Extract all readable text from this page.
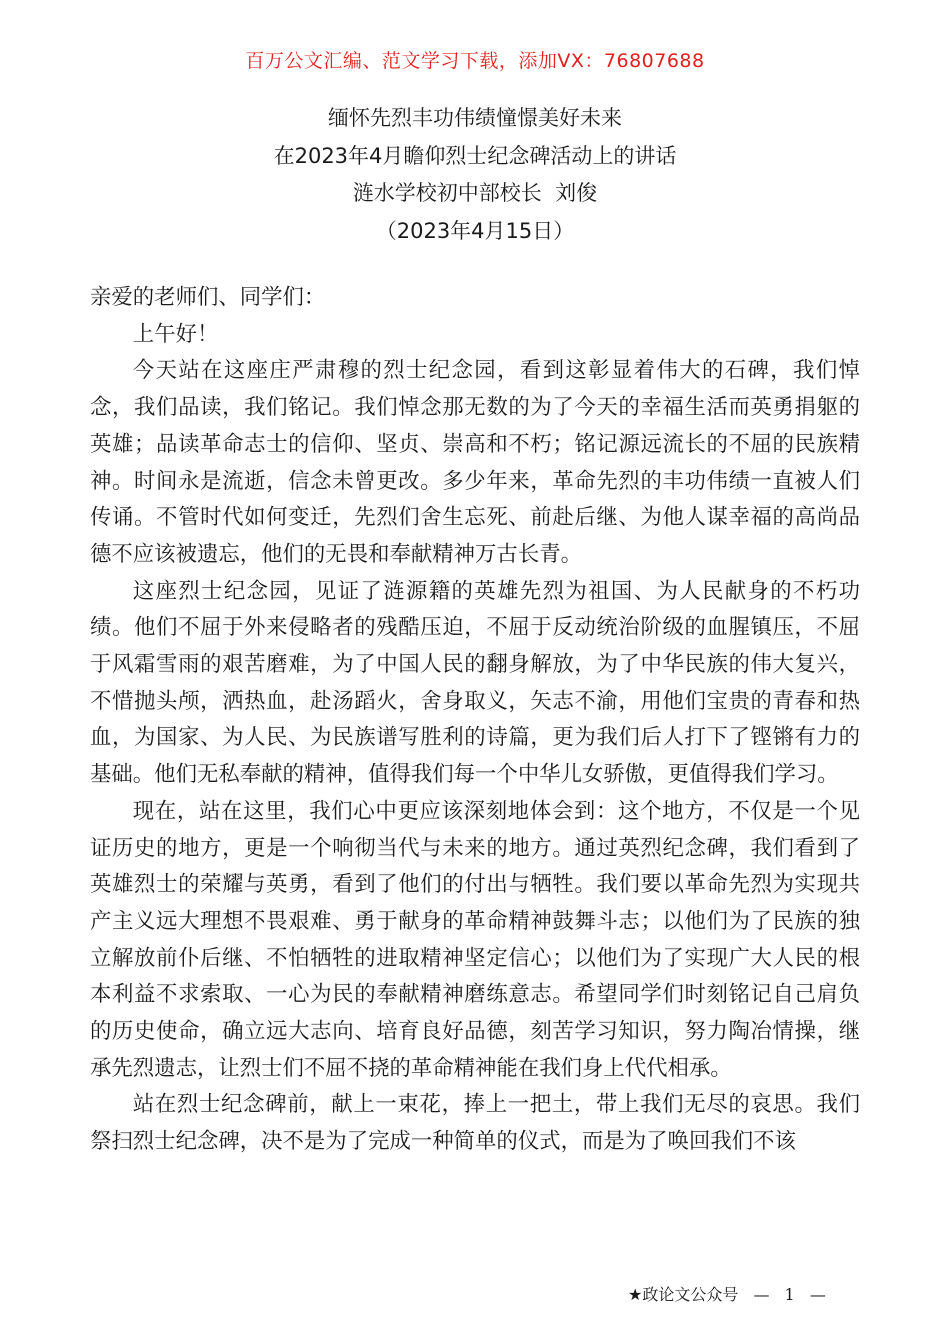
百万公文汇编、范文学习下载，添加VX：76807688
缅怀先烈丰功伟绩憧憬美好未来
在2023年4月瞻仰烈士纪念碑活动上的讲话
涟水学校初中部校长  刘俊
（2023年4月15日）

亲爱的老师们、同学们：

上午好！

今天站在这座庄严肃穆的烈士纪念园，看到这彰显着伟大的石碑，我们悼念，我们品读，我们铭记。我们悼念那无数的为了今天的幸福生活而英勇捐躯的英雄；品读革命志士的信仰、坚贞、崇高和不朽；铭记源远流长的不屈的民族精神。时间永是流逝，信念未曾更改。多少年来，革命先烈的丰功伟绩一直被人们传诵。不管时代如何变迁，先烈们舍生忘死、前赴后继、为他人谋幸福的高尚品德不应该被遗忘，他们的无畏和奉献精神万古长青。

这座烈士纪念园，见证了涟源籍的英雄先烈为祖国、为人民献身的不朽功绩。他们不屈于外来侵略者的残酷压迫，不屈于反动统治阶级的血腥镇压，不屈于风霜雪雨的艰苦磨难，为了中国人民的翻身解放，为了中华民族的伟大复兴，不惜抛头颅，洒热血，赴汤蹈火，舍身取义，矢志不渝，用他们宝贵的青春和热血，为国家、为人民、为民族谱写胜利的诗篇，更为我们后人打下了铿锵有力的基础。他们无私奉献的精神，值得我们每一个中华儿女骄傲，更值得我们学习。

现在，站在这里，我们心中更应该深刻地体会到：这个地方，不仅是一个见证历史的地方，更是一个响彻当代与未来的地方。通过英烈纪念碑，我们看到了英雄烈士的荣耀与英勇，看到了他们的付出与牺牲。我们要以革命先烈为实现共产主义远大理想不畏艰难、勇于献身的革命精神鼓舞斗志；以他们为了民族的独立解放前仆后继、不怕牺牲的进取精神坚定信心；以他们为了实现广大人民的根本利益不求索取、一心为民的奉献精神磨练意志。希望同学们时刻铭记自己肩负的历史使命，确立远大志向、培育良好品德，刻苦学习知识，努力陶冶情操，继承先烈遗志，让烈士们不屈不挠的革命精神能在我们身上代代相承。

站在烈士纪念碑前，献上一束花，捧上一把土，带上我们无尽的哀思。我们祭扫烈士纪念碑，决不是为了完成一种简单的仪式，而是为了唤回我们不该

★政论文公众号 — 1 —
